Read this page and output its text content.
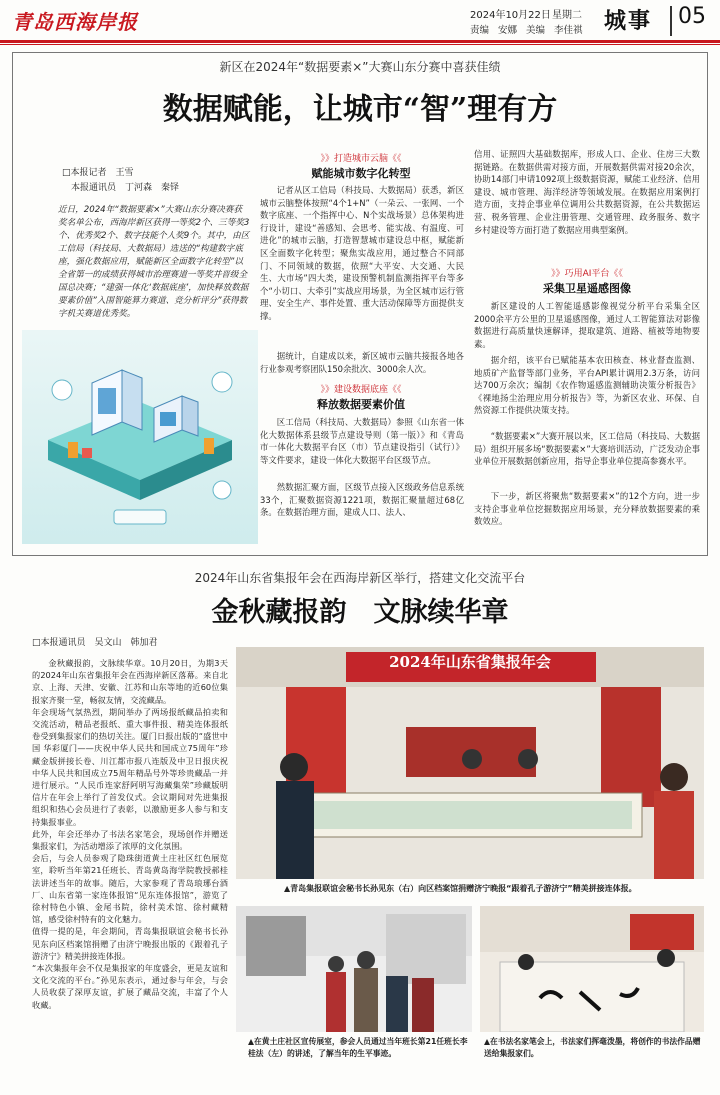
青岛西海岸报	2024年10月22日 星期二
责编 安娜 美编 李佳祺 城事 05
新区在2024年“数据要素×”大赛山东分赛中喜获佳绩
数据赋能，让城市“智”理有方
□本报记者　王雪
　本报通讯员　丁河森　秦铎
近日，2024年“数据要素×”大赛山东分赛决赛获奖名单公布，西海岸新区获得一等奖2个、三等奖3个、优秀奖2个、数字技能个人奖9个。其中，由区工信局（科技局、大数据局）选送的“构建数字底座，强化数据应用，赋能新区全面数字化转型”以全省第一的成绩获得城市治理赛道一等奖并晋级全国总决赛；“建强一体化‘数据底座’，加快释放数据要素价值”入围智能算力赛道、竞分析评分”获得数字机关赛道优秀奖。
》》打造城市云脑《《
赋能城市数字化转型
记者从区工信局（科技局、大数据局）获悉，新区城市云脑整体按照“4个1+N”（一朵云、一张网、一个数字底座、一个指挥中心、N个实战场景）总体架构进行设计，建设“善感知、会思考、能实战、有温度、可进化”的城市云脑，打造智慧城市建设总中枢，赋能新区全面数字化转型；聚焦实战应用，通过整合不同部门、不同领域的数据，依照“大平安、大交通、大民生、大市场”四大类，建设预警机制监测指挥平台等多个“小切口、大牵引”实战应用场景，为全区城市运行管理、安全生产、事件处置、重大活动保障等方面提供支撑。
据统计，自建成以来，新区城市云脑共接报各地各行业参观考察团队150余批次、3000余人次。
》》建设数据底座《《
释放数据要素价值
区工信局（科技局、大数据局）参照《山东省一体化大数据体系县级节点建设导则（第一版）》和《青岛市一体化大数据平台区（市）节点建设指引（试行）》等文件要求，建设一体化大数据平台区级节点。
然数据汇聚方面，区级节点接入区级政务信息系统33个，汇聚数据资源1221项，数据汇聚量超过68亿条。在数据治理方面，建成人口、法人、
信用、证照四大基础数据库，形成人口、企业、住房三大数据链路。在数据供需对接方面，开展数据供需对接20余次，协助14部门申请1092项上级数据资源，赋能工业经济、信用建设、城市管理、海洋经济等领域发展。在数据应用案例打造方面，支持企事业单位调用公共数据资源，在公共数据运营、税务管理、企业注册管理、交通管理、政务服务、数字乡村建设等方面打造了数据应用典型案例。
》》巧用AI平台《《
采集卫星遥感图像
新区建设的人工智能遥感影像视觉分析平台采集全区2000余平方公里的卫星遥感图像，通过人工智能算法对影像数据进行高质量快速解译，提取建筑、道路、植被等地物要素。
据介绍，该平台已赋能基本农田核查、林业督查监测、地质矿产监督等部门业务，平台API累计调用2.3万条，访问达700万余次；编制《农作物遥感监测辅助决策分析报告》《裸地扬尘治理应用分析报告》等，为新区农业、环保、自然资源工作提供决策支持。
“数据要素×”大赛开展以来，区工信局（科技局、大数据局）组织开展多场“数据要素×”大赛培训活动，广泛发动企事业单位开展数据创新应用，指导企事业单位提高参赛水平。
下一步，新区将聚焦“数据要素×”的12个方向，进一步支持企事业单位挖掘数据应用场景，充分释放数据要素的乘数效应。
2024年山东省集报年会在西海岸新区举行，搭建文化交流平台
金秋藏报韵　文脉续华章
□本报通讯员　吴文山　韩加君
金秋藏报韵，文脉续华章。10月20日，为期3天的2024年山东省集报年会在西海岸新区落幕。来自北京、上海、天津、安徽、江苏和山东等地的近60位集报家齐聚一堂，畅叙友情，交流藏品。
年会现场气氛热烈，期间举办了两场报纸藏品拍卖和交流活动，精品老报纸、重大事件报、精美连体报纸卷受到集报家们的热切关注。厦门日报出版的“盛世中国 华彩厦门——庆祝中华人民共和国成立75周年”珍藏金版拼接长卷、川江都市报八连版及中卫日报庆祝中华人民共和国成立75周年精品号外等珍贵藏品一并进行展示。“人民币连家舒阿明写海藏集荣”珍藏版明信片在年会上举行了首发仪式。会议期间对先进集报组织和热心会员进行了表彰，以激励更多人参与和支持集报事业。
此外，年会还举办了书法名家笔会，现场创作并赠送集报家们，为活动增添了浓厚的文化氛围。
会后，与会人员参观了隐珠街道黄土庄社区红色展览室，聆听当年第21任班长、青岛黄岛海学院教授郝桂法讲述当年的故事。随后，大家参观了青岛琅琊台酒厂、山东省第一家连体报馆“见东连体报馆”，游览了徐村特色小镇、金尾书院，徐村美术馆、徐村藏精馆，感受徐村特有的文化魅力。
值得一提的是，年会期间，青岛集报联谊会秘书长孙见东向区档案馆捐赠了由济宁晚报出版的《跟着孔子游济宁》精美拼接连体报。
“本次集报年会不仅是集报家的年度盛会，更是友谊和文化交流的平台。”孙见东表示，通过参与年会，与会人员收获了深厚友谊，扩展了藏品交流，丰富了个人收藏。
2024年山东省集报年会
▲青岛集报联谊会秘书长孙见东（右）向区档案馆捐赠济宁晚报“跟着孔子游济宁”精美拼接连体报。
▲在黄土庄社区宣传展室，参会人员通过当年班长第21任班长李桂法（左）的讲述，了解当年的生平事迹。
▲在书法名家笔会上，书法家们挥毫泼墨，将创作的书法作品赠送给集报家们。
